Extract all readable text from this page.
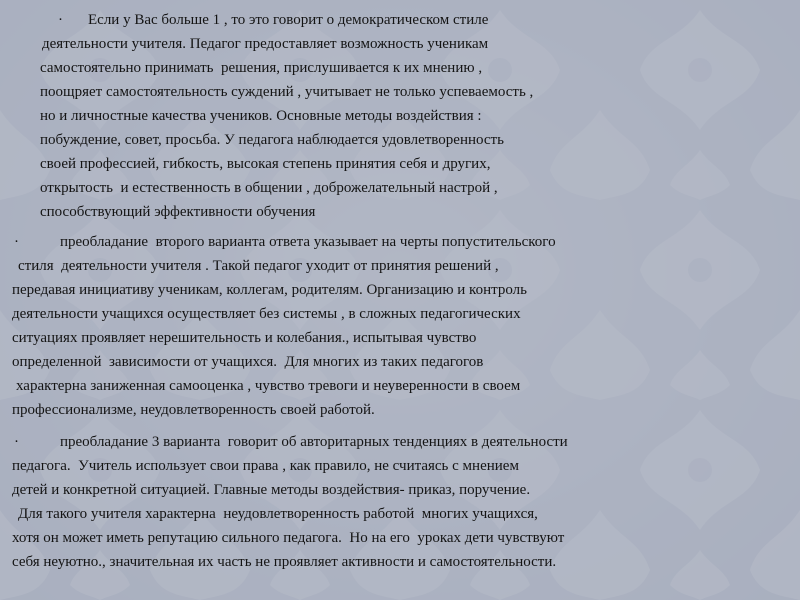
· Если у Вас больше 1 , то это говорит о демократическом стиле
деятельности учителя. Педагог предоставляет возможность ученикам
самостоятельно принимать  решения, прислушивается к их мнению ,
поощряет самостоятельность суждений , учитывает не только успеваемость ,
но и личностные качества учеников. Основные методы воздействия :
побуждение, совет, просьба. У педагога наблюдается удовлетворенность
своей профессией, гибкость, высокая степень принятия себя и других,
открытость  и естественность в общении , доброжелательный настрой ,
способствующий эффективности обучения
·	преобладание  второго варианта ответа указывает на черты попустительского
стиля  деятельности учителя . Такой педагог уходит от принятия решений ,
передавая инициативу ученикам, коллегам, родителям. Организацию и контроль
деятельности учащихся осуществляет без системы , в сложных педагогических
ситуациях проявляет нерешительность и колебания., испытывая чувство
определенной  зависимости от учащихся.  Для многих из таких педагогов
характерна заниженная самооценка , чувство тревоги и неуверенности в своем
профессионализме, неудовлетворенность своей работой.
·	преобладание 3 варианта  говорит об авторитарных тенденциях в деятельности
педагога.  Учитель использует свои права , как правило, не считаясь с мнением
детей и конкретной ситуацией. Главные методы воздействия- приказ, поручение.
Для такого учителя характерна  неудовлетворенность работой  многих учащихся,
хотя он может иметь репутацию сильного педагога.  Но на его  уроках дети чувствуют
себя неуютно., значительная их часть не проявляет активности и самостоятельности.
